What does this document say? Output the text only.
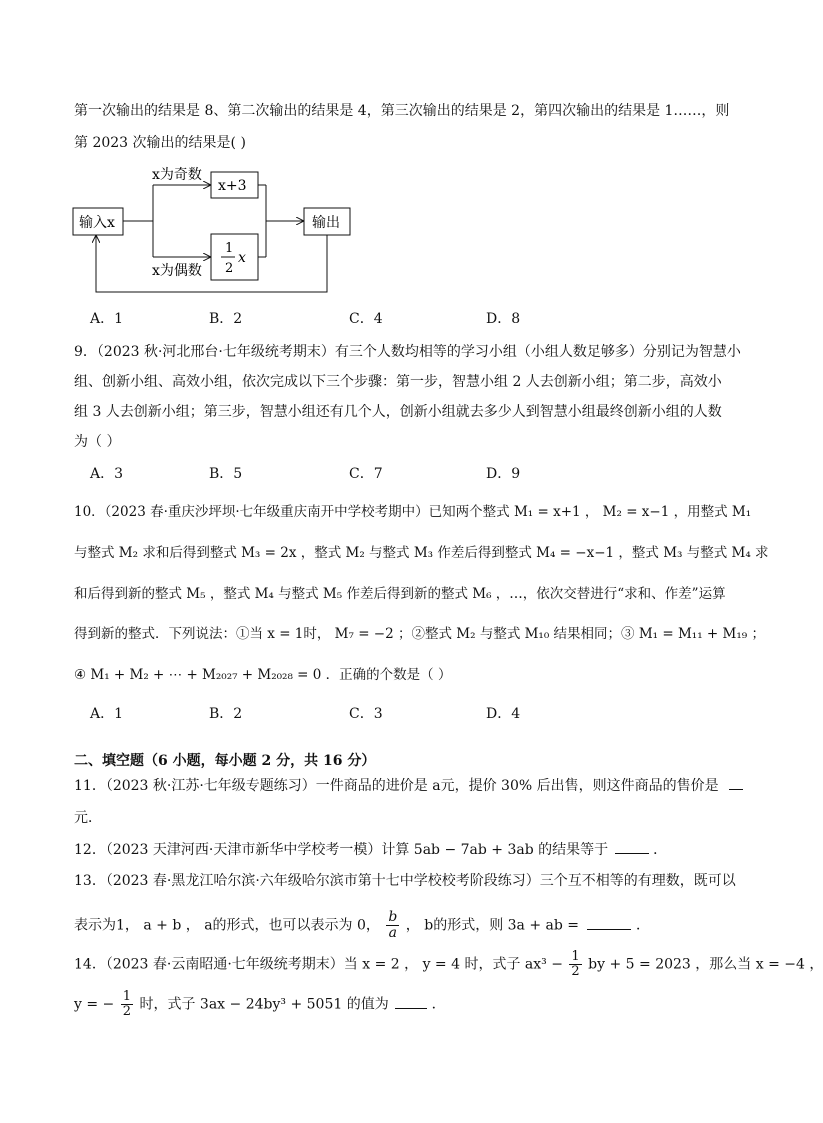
第一次输出的结果是 8、第二次输出的结果是 4，第三次输出的结果是 2，第四次输出的结果是 1……，则
第 2023 次输出的结果是( )
输入x
x为奇数
x为偶数
x+3
1
2
x
输出
A．1	B．2	C．4	D．8
9．（2023 秋·河北邢台·七年级统考期末）有三个人数均相等的学习小组（小组人数足够多）分别记为智慧小
组、创新小组、高效小组，依次完成以下三个步骤：第一步，智慧小组 2 人去创新小组；第二步，高效小
组 3 人去创新小组；第三步，智慧小组还有几个人，创新小组就去多少人到智慧小组最终创新小组的人数
为（ ）
A．3	B．5	C．7	D．9
10．（2023 春·重庆沙坪坝·七年级重庆南开中学校考期中）已知两个整式 M₁ = x+1 ， M₂ = x−1 ，用整式 M₁
与整式 M₂ 求和后得到整式 M₃ = 2x ，整式 M₂ 与整式 M₃ 作差后得到整式 M₄ = −x−1 ，整式 M₃ 与整式 M₄ 求
和后得到新的整式 M₅ ，整式 M₄ 与整式 M₅ 作差后得到新的整式 M₆ ，…，依次交替进行“求和、作差”运算
得到新的整式．下列说法：①当 x = 1时， M₇ = −2 ；②整式 M₂ 与整式 M₁₀ 结果相同；③ M₁ = M₁₁ + M₁₉ ；
④ M₁ + M₂ + ⋯ + M₂₀₂₇ + M₂₀₂₈ = 0 ．正确的个数是（ ）
A．1	B．2	C．3	D．4
二、填空题（6 小题，每小题 2 分，共 16 分）
11．（2023 秋·江苏·七年级专题练习）一件商品的进价是 a元，提价 30% 后出售，则这件商品的售价是
元．
12．（2023 天津河西·天津市新华中学校考一模）计算 5ab − 7ab + 3ab 的结果等于	．
13．（2023 春·黑龙江哈尔滨·六年级哈尔滨市第十七中学校校考阶段练习）三个互不相等的有理数，既可以
表示为1， a + b ， a的形式，也可以表示为 0， $\frac{b}{a}$ ， b的形式，则 3a + ab =	．
14．（2023 春·云南昭通·七年级统考期末）当 x = 2 ， y = 4 时，式子 $ax^3 - \frac{1}{2}$ by + 5 = 2023 ，那么当 x = −4 ，
y = − $\frac{1}{2}$ 时，式子 3ax − 24by³ + 5051 的值为	．
